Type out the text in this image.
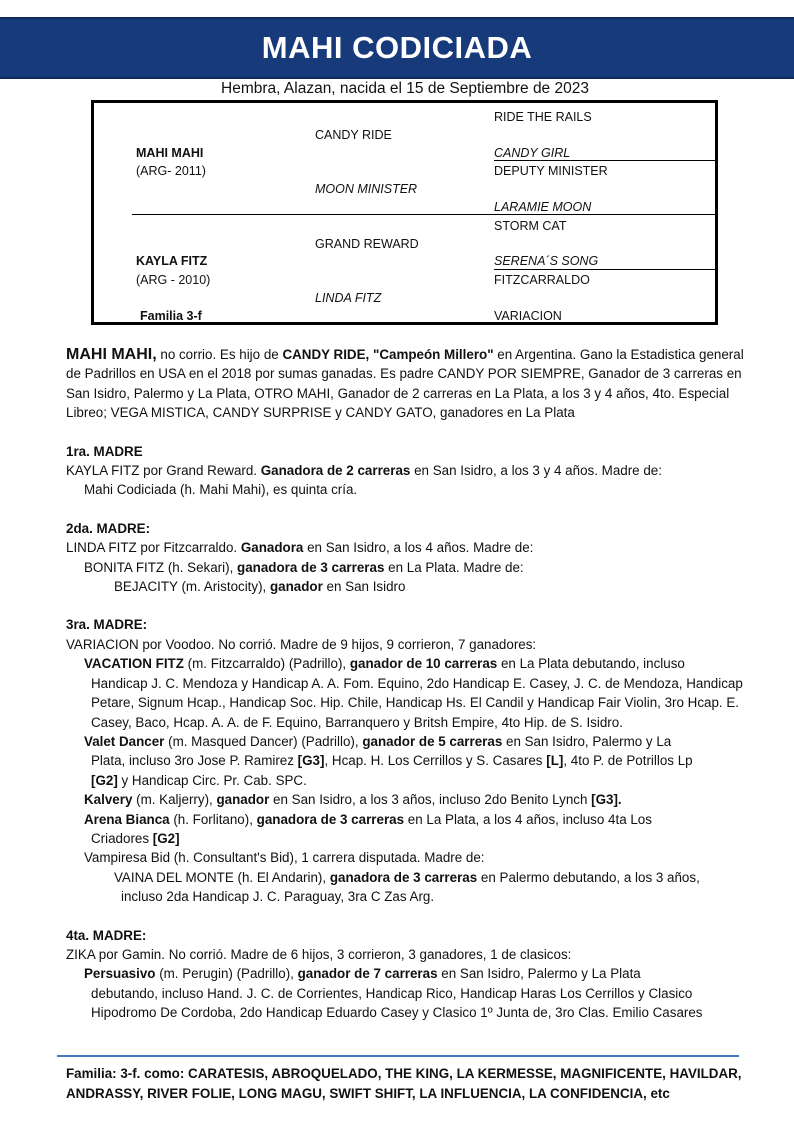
MAHI CODICIADA
Hembra, Alazan, nacida el 15 de Septiembre de 2023
MAHI MAHI
(ARG- 2011)
KAYLA FITZ
(ARG - 2010)
Familia 3-f
CANDY RIDE
MOON MINISTER
GRAND REWARD
LINDA FITZ
RIDE THE RAILS
CANDY GIRL
DEPUTY MINISTER
LARAMIE MOON
STORM CAT
SERENA´S SONG
FITZCARRALDO
VARIACION

MAHI MAHI, no corrio. Es hijo de CANDY RIDE, "Campeón Millero" en Argentina. Gano la Estadistica general de Padrillos en USA en el 2018 por sumas ganadas. Es padre CANDY POR SIEMPRE, Ganador de 3 carreras en San Isidro, Palermo y La Plata, OTRO MAHI, Ganador de 2 carreras en La Plata, a los 3 y 4 años, 4to. Especial Libreo; VEGA MISTICA, CANDY SURPRISE y CANDY GATO, ganadores en La Plata

1ra. MADRE

KAYLA FITZ por Grand Reward. Ganadora de 2 carreras en San Isidro, a los 3 y 4 años. Madre de:

Mahi Codiciada (h. Mahi Mahi), es quinta cría.

2da. MADRE:

LINDA FITZ por Fitzcarraldo. Ganadora en San Isidro, a los 4 años. Madre de:

BONITA FITZ (h. Sekari), ganadora de 3 carreras en La Plata. Madre de:

BEJACITY (m. Aristocity), ganador en San Isidro

3ra. MADRE:

VARIACION por Voodoo. No corrió. Madre de 9 hijos, 9 corrieron, 7 ganadores:

VACATION FITZ (m. Fitzcarraldo) (Padrillo), ganador de 10 carreras en La Plata debutando, incluso

Handicap J. C. Mendoza y Handicap A. A. Fom. Equino, 2do Handicap E. Casey, J. C. de Mendoza, Handicap Petare, Signum Hcap., Handicap Soc. Hip. Chile, Handicap Hs. El Candil y Handicap Fair Violin, 3ro Hcap. E. Casey, Baco, Hcap. A. A. de F. Equino, Barranquero y Britsh Empire, 4to Hip. de S. Isidro.

Valet Dancer (m. Masqued Dancer) (Padrillo), ganador de 5 carreras en San Isidro, Palermo y La

Plata, incluso 3ro Jose P. Ramirez [G3], Hcap. H. Los Cerrillos y S. Casares [L], 4to P. de Potrillos Lp
[G2] y Handicap Circ. Pr. Cab. SPC.

Kalvery (m. Kaljerry), ganador en San Isidro, a los 3 años, incluso 2do Benito Lynch [G3].

Arena Bianca (h. Forlitano), ganadora de 3 carreras en La Plata, a los 4 años, incluso 4ta Los

Criadores [G2]

Vampiresa Bid (h. Consultant's Bid), 1 carrera disputada. Madre de:

VAINA DEL MONTE (h. El Andarin), ganadora de 3 carreras en Palermo debutando, a los 3 años,

incluso 2da Handicap J. C. Paraguay, 3ra C Zas Arg.

4ta. MADRE:

ZIKA por Gamin. No corrió. Madre de 6 hijos, 3 corrieron, 3 ganadores, 1 de clasicos:

Persuasivo (m. Perugin) (Padrillo), ganador de 7 carreras en San Isidro, Palermo y La Plata

debutando, incluso Hand. J. C. de Corrientes, Handicap Rico, Handicap Haras Los Cerrillos y Clasico Hipodromo De Cordoba, 2do Handicap Eduardo Casey y Clasico 1º Junta de, 3ro Clas. Emilio Casares

Familia: 3-f. como: CARATESIS, ABROQUELADO, THE KING, LA KERMESSE, MAGNIFICENTE, HAVILDAR, ANDRASSY, RIVER FOLIE, LONG MAGU, SWIFT SHIFT, LA INFLUENCIA, LA CONFIDENCIA, etc
